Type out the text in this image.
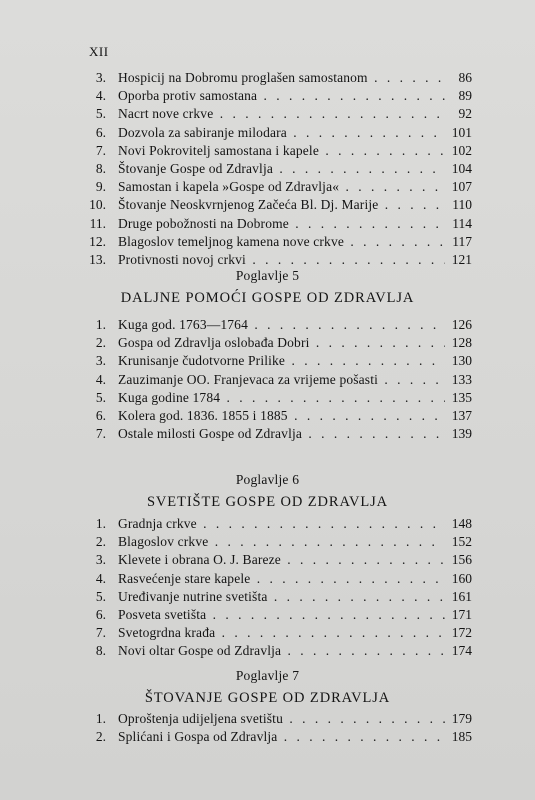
XII
3. Hospicij na Dobromu proglašen samostanom . . .	86
4. Oporba protiv samostana . . .	89
5. Nacrt nove crkve . . .	92
6. Dozvola za sabiranje milodara . . .	101
7. Novi Pokrovitelj samostana i kapele . . .	102
8. Štovanje Gospe od Zdravlja . . .	104
9. Samostan i kapela »Gospe od Zdravlja« . . .	107
10. Štovanje Neoskvrnjenog Začeća Bl. Dj. Marije . . .	110
11. Druge pobožnosti na Dobrome . . .	114
12. Blagoslov temeljnog kamena nove crkve . . .	117
13. Protivnosti novoj crkvi . . .	121
Poglavlje 5
DALJNE POMOĆI GOSPE OD ZDRAVLJA
1. Kuga god. 1763—1764 . . .	126
2. Gospa od Zdravlja oslobađa Dobri . . .	128
3. Krunisanje čudotvorne Prilike . . .	130
4. Zauzimanje OO. Franjevaca za vrijeme pošasti . . .	133
5. Kuga godine 1784 . . .	135
6. Kolera god. 1836. 1855 i 1885 . . .	137
7. Ostale milosti Gospe od Zdravlja . . .	139
Poglavlje 6
SVETIŠTE GOSPE OD ZDRAVLJA
1. Gradnja crkve . . .	148
2. Blagoslov crkve . . .	152
3. Klevete i obrana O. J. Bareze . . .	156
4. Rasvećenje stare kapele . . .	160
5. Uređivanje nutrine svetišta . . .	161
6. Posveta svetišta . . .	171
7. Svetogrdna krađa . . .	172
8. Novi oltar Gospe od Zdravlja . . .	174
Poglavlje 7
ŠTOVANJE GOSPE OD ZDRAVLJA
1. Oproštenja udijeljena svetištu . . .	179
2. Splićani i Gospa od Zdravlja . . .	185
